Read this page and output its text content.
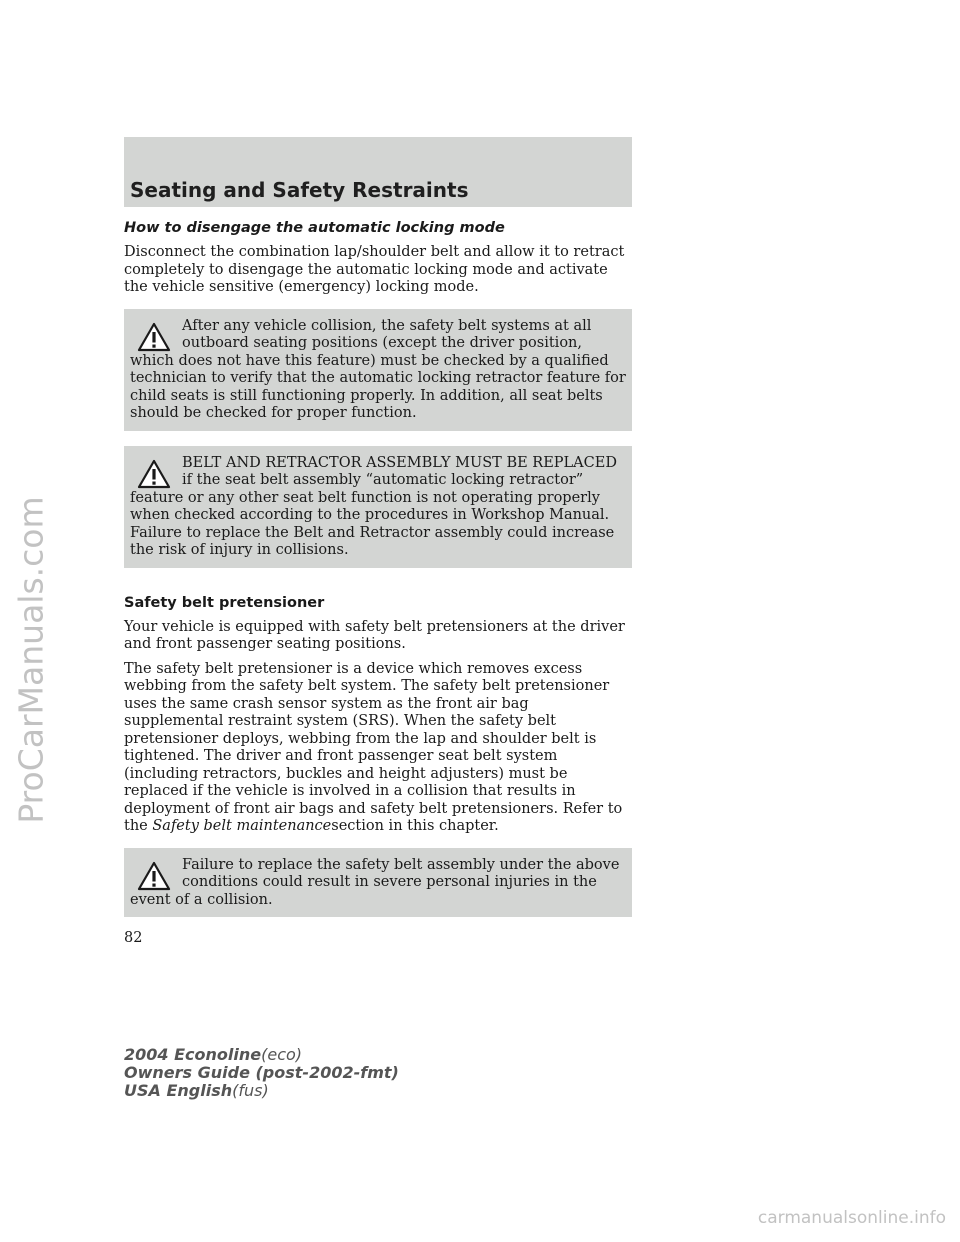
ProCarManuals.com
Seating and Safety Restraints
How to disengage the automatic locking mode

Disconnect the combination lap/shoulder belt and allow it to retract completely to disengage the automatic locking mode and activate the vehicle sensitive (emergency) locking mode.

After any vehicle collision, the safety belt systems at all outboard seating positions (except the driver position, which does not have this feature) must be checked by a qualified technician to verify that the automatic locking retractor feature for child seats is still functioning properly. In addition, all seat belts should be checked for proper function.

BELT AND RETRACTOR ASSEMBLY MUST BE REPLACED if the seat belt assembly “automatic locking retractor” feature or any other seat belt function is not operating properly when checked according to the procedures in Workshop Manual. Failure to replace the Belt and Retractor assembly could increase the risk of injury in collisions.

Safety belt pretensioner

Your vehicle is equipped with safety belt pretensioners at the driver and front passenger seating positions.

The safety belt pretensioner is a device which removes excess webbing from the safety belt system. The safety belt pretensioner uses the same crash sensor system as the front air bag supplemental restraint system (SRS). When the safety belt pretensioner deploys, webbing from the lap and shoulder belt is tightened. The driver and front passenger seat belt system (including retractors, buckles and height adjusters) must be replaced if the vehicle is involved in a collision that results in deployment of front air bags and safety belt pretensioners. Refer to the Safety belt maintenancesection in this chapter.

Failure to replace the safety belt assembly under the above conditions could result in severe personal injuries in the event of a collision.

82
2004 Econoline(eco)
Owners Guide (post-2002-fmt)
USA English(fus)
carmanualsonline.info
